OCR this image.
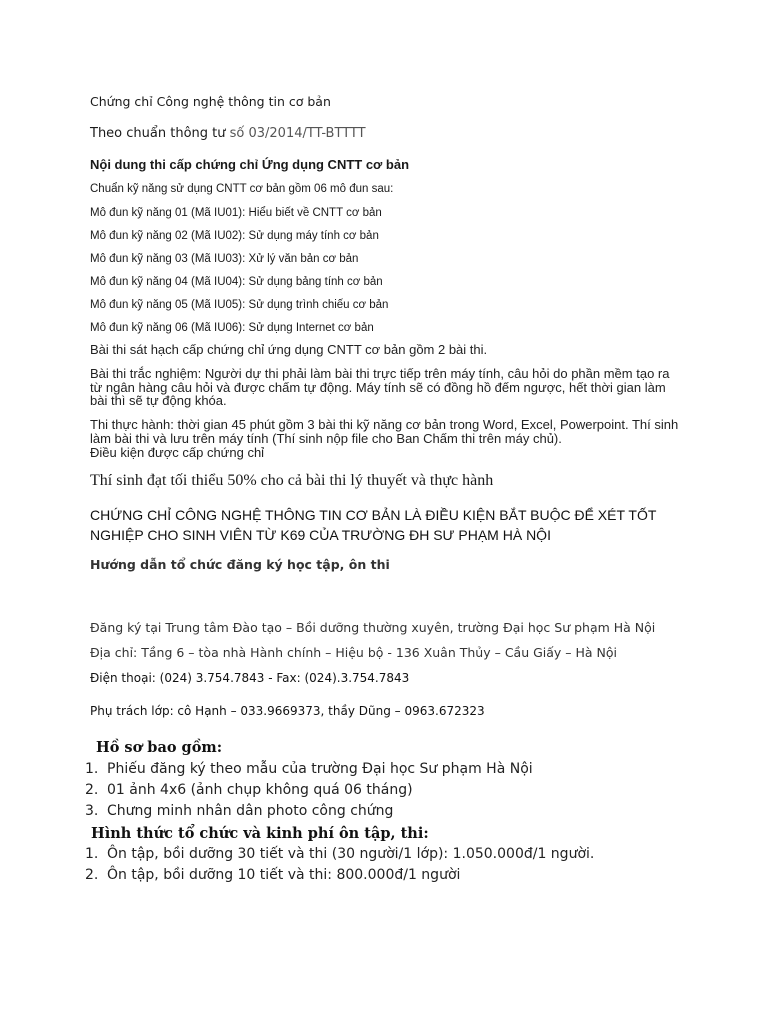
Chứng chỉ Công nghệ thông tin cơ bản
Theo chuẩn thông tư số 03/2014/TT-BTTTT
Nội dung thi cấp chứng chỉ Ứng dụng CNTT cơ bản
Chuẩn kỹ năng sử dụng CNTT cơ bản gồm 06 mô đun sau:
Mô đun kỹ năng 01 (Mã IU01): Hiểu biết về CNTT cơ bản
Mô đun kỹ năng 02 (Mã IU02): Sử dụng máy tính cơ bản
Mô đun kỹ năng 03 (Mã IU03): Xử lý văn bản cơ bản
Mô đun kỹ năng 04 (Mã IU04): Sử dụng bảng tính cơ bản
Mô đun kỹ năng 05 (Mã IU05): Sử dụng trình chiếu cơ bản
Mô đun kỹ năng 06 (Mã IU06): Sử dụng Internet cơ bản
Bài thi sát hạch cấp chứng chỉ ứng dụng CNTT cơ bản gồm 2 bài thi.
Bài thi trắc nghiệm: Người dự thi phải làm bài thi trực tiếp trên máy tính, câu hỏi do phần mềm tạo ra từ ngân hàng câu hỏi và được chấm tự động. Máy tính sẽ có đồng hồ đếm ngược, hết thời gian làm bài thì sẽ tự động khóa.
Thi thực hành: thời gian 45 phút gồm 3 bài thi kỹ năng cơ bản trong Word, Excel, Powerpoint. Thí sinh làm bài thi và lưu trên máy tính (Thí sinh nộp file cho Ban Chấm thi trên máy chủ).
Điều kiện được cấp chứng chỉ
Thí sinh đạt tối thiểu 50% cho cả bài thi lý thuyết và thực hành
CHỨNG CHỈ CÔNG NGHỆ THÔNG TIN CƠ BẢN LÀ ĐIỀU KIỆN BẮT BUỘC ĐỂ XÉT TỐT NGHIỆP CHO SINH VIÊN TỪ K69 CỦA TRƯỜNG ĐH SƯ PHẠM HÀ NỘI
Hướng dẫn tổ chức đăng ký học tập, ôn thi
Đăng ký tại Trung tâm Đào tạo – Bồi dưỡng thường xuyên, trường Đại học Sư phạm Hà Nội
Địa chỉ: Tầng 6 – tòa nhà Hành chính – Hiệu bộ - 136 Xuân Thủy – Cầu Giấy – Hà Nội
Điện thoại: (024) 3.754.7843 - Fax: (024).3.754.7843
Phụ trách lớp: cô Hạnh – 033.9669373, thầy Dũng – 0963.672323
Hồ sơ bao gồm:
1. Phiếu đăng ký theo mẫu của trường Đại học Sư phạm Hà Nội
2. 01 ảnh 4x6 (ảnh chụp không quá 06 tháng)
3. Chưng minh nhân dân photo công chứng
Hình thức tổ chức và kinh phí ôn tập, thi:
1. Ôn tập, bồi dưỡng 30 tiết và thi (30 người/1 lớp): 1.050.000đ/1 người.
2. Ôn tập, bồi dưỡng 10 tiết và thi: 800.000đ/1 người
